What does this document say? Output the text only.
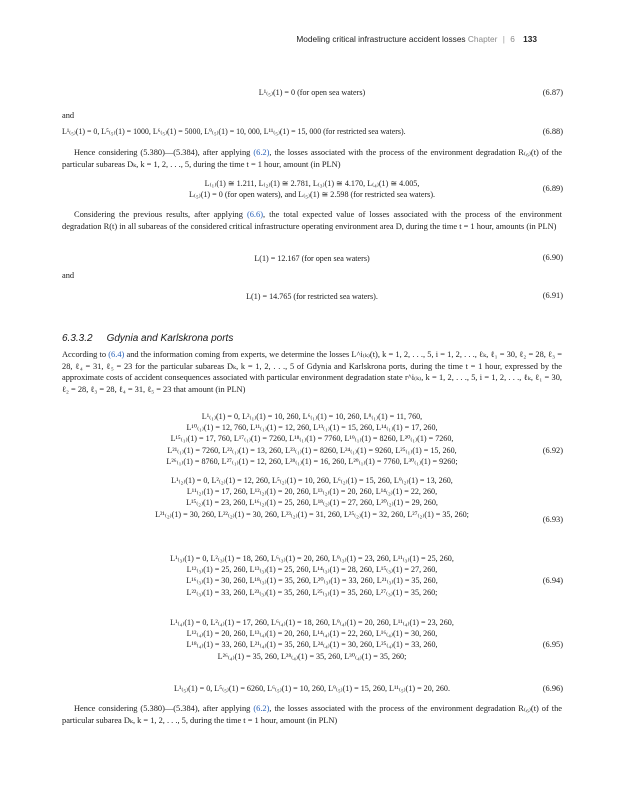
Modeling critical infrastructure accident losses Chapter | 6 133
L¹₍₅₎(1) = 0 (for open sea waters)	(6.87)
and
L¹₍₅₎(1) = 0, L⁵₍₅₎(1) = 1000, L⁶₍₅₎(1) = 5000, L⁹₍₅₎(1) = 10, 000, L¹¹₍₅₎(1) = 15, 000 (for restricted sea waters).	(6.88)
Hence considering (5.380)—(5.384), after applying (6.2), the losses associated with the process of the environment degradation R₍₆₎(t) of the particular subareas Dₖ, k = 1, 2, . . ., 5, during the time t = 1 hour, amount (in PLN)
L₍₁₎(1) ≅ 1.211, L₍₂₎(1) ≅ 2.781, L₍₃₎(1) ≅ 4.170, L₍₄₎(1) ≅ 4.005,
L₍₅₎(1) = 0 (for open waters), and L₍₅₎(1) ≅ 2.598 (for restricted sea waters).
(6.89)
Considering the previous results, after applying (6.6), the total expected value of losses associated with the process of the environment degradation R(t) in all subareas of the considered critical infrastructure operating environment area D, during the time t = 1 hour, amounts (in PLN)
L(1) = 12.167 (for open sea waters)	(6.90)
and
L(1) = 14.765 (for restricted sea waters).	(6.91)
6.3.3.2 Gdynia and Karlskrona ports
According to (6.4) and the information coming from experts, we determine the losses L^i₍ₖ₎(t), k = 1, 2, . . ., 5, i = 1, 2, . . ., ℓₖ, ℓ₁ = 30, ℓ₂ = 28, ℓ₃ = 28, ℓ₄ = 31, ℓ₅ = 23 for the particular subareas Dₖ, k = 1, 2, . . ., 5 of Gdynia and Karlskrona ports, during the time t = 1 hour, expressed by the approximate costs of accident consequences associated with particular environment degradation state r^i₍ₖ₎, k = 1, 2, . . ., 5, i = 1, 2, . . ., ℓₖ, ℓ₁ = 30, ℓ₂ = 28, ℓ₃ = 28, ℓ₄ = 31, ℓ₅ = 23 that amount (in PLN)
L¹₍₁₎(1) = 0, L²₍₁₎(1) = 10, 260, L⁶₍₁₎(1) = 10, 260, L⁸₍₁₎(1) = 11, 760,
L¹⁰₍₁₎(1) = 12, 760, L¹¹₍₁₎(1) = 12, 260, L¹³₍₁₎(1) = 15, 260, L¹⁴₍₁₎(1) = 17, 260,
L¹⁵₍₁₎(1) = 17, 760, L¹⁷₍₁₎(1) = 7260, L¹⁸₍₁₎(1) = 7760, L¹⁹₍₁₎(1) = 8260, L²⁰₍₁₎(1) = 7260,
L²¹₍₁₎(1) = 7260, L²²₍₁₎(1) = 13, 260, L²³₍₁₎(1) = 8260, L²⁴₍₁₎(1) = 9260, L²⁵₍₁₎(1) = 15, 260,
L²⁶₍₁₎(1) = 8760, L²⁷₍₁₎(1) = 12, 260, L²⁸₍₁₎(1) = 16, 260, L²⁹₍₁₎(1) = 7760, L³⁰₍₁₎(1) = 9260;
(6.92)
L¹₍₂₎(1) = 0, L²₍₂₎(1) = 12, 260, L⁵₍₂₎(1) = 10, 260, L⁶₍₂₎(1) = 15, 260, L⁹₍₂₎(1) = 13, 260,
L¹¹₍₂₎(1) = 17, 260, L¹²₍₂₎(1) = 20, 260, L¹³₍₂₎(1) = 20, 260, L¹⁴₍₂₎(1) = 22, 260,
L¹⁵₍₂₎(1) = 23, 260, L¹⁶₍₂₎(1) = 25, 260, L¹⁸₍₂₎(1) = 27, 260, L²⁰₍₂₎(1) = 29, 260,
L²¹₍₂₎(1) = 30, 260, L²²₍₂₎(1) = 30, 260, L²³₍₂₎(1) = 31, 260, L²⁵₍₂₎(1) = 32, 260, L²⁷₍₂₎(1) = 35, 260;
(6.93)
L¹₍₃₎(1) = 0, L²₍₃₎(1) = 18, 260, L⁶₍₃₎(1) = 20, 260, L⁹₍₃₎(1) = 23, 260, L¹¹₍₃₎(1) = 25, 260,
L¹²₍₃₎(1) = 25, 260, L¹³₍₃₎(1) = 25, 260, L¹⁴₍₃₎(1) = 28, 260, L¹⁵₍₃₎(1) = 27, 260,
L¹⁶₍₃₎(1) = 30, 260, L¹⁸₍₃₎(1) = 35, 260, L²⁰₍₃₎(1) = 33, 260, L²¹₍₃₎(1) = 35, 260,
L²²₍₃₎(1) = 33, 260, L²³₍₃₎(1) = 35, 260, L²⁵₍₃₎(1) = 35, 260, L²⁷₍₃₎(1) = 35, 260;
(6.94)
L¹₍₄₎(1) = 0, L²₍₄₎(1) = 17, 260, L⁶₍₄₎(1) = 18, 260, L⁹₍₄₎(1) = 20, 260, L¹¹₍₄₎(1) = 23, 260,
L¹²₍₄₎(1) = 20, 260, L¹³₍₄₎(1) = 20, 260, L¹⁴₍₄₎(1) = 22, 260, L¹⁶₍₄₎(1) = 30, 260,
L¹⁸₍₄₎(1) = 33, 260, L²¹₍₄₎(1) = 35, 260, L²⁴₍₄₎(1) = 30, 260, L²⁵₍₄₎(1) = 33, 260,
L²⁶₍₄₎(1) = 35, 260, L²⁸₍₄₎(1) = 35, 260, L³⁰₍₄₎(1) = 35, 260;
(6.95)
L¹₍₅₎(1) = 0, L⁵₍₅₎(1) = 6260, L⁶₍₅₎(1) = 10, 260, L⁹₍₅₎(1) = 15, 260, L¹¹₍₅₎(1) = 20, 260.	(6.96)
Hence considering (5.380)—(5.384), after applying (6.2), the losses associated with the process of the environment degradation R₍₆₎(t) of the particular subarea Dₖ, k = 1, 2, . . ., 5, during the time t = 1 hour, amount (in PLN)
